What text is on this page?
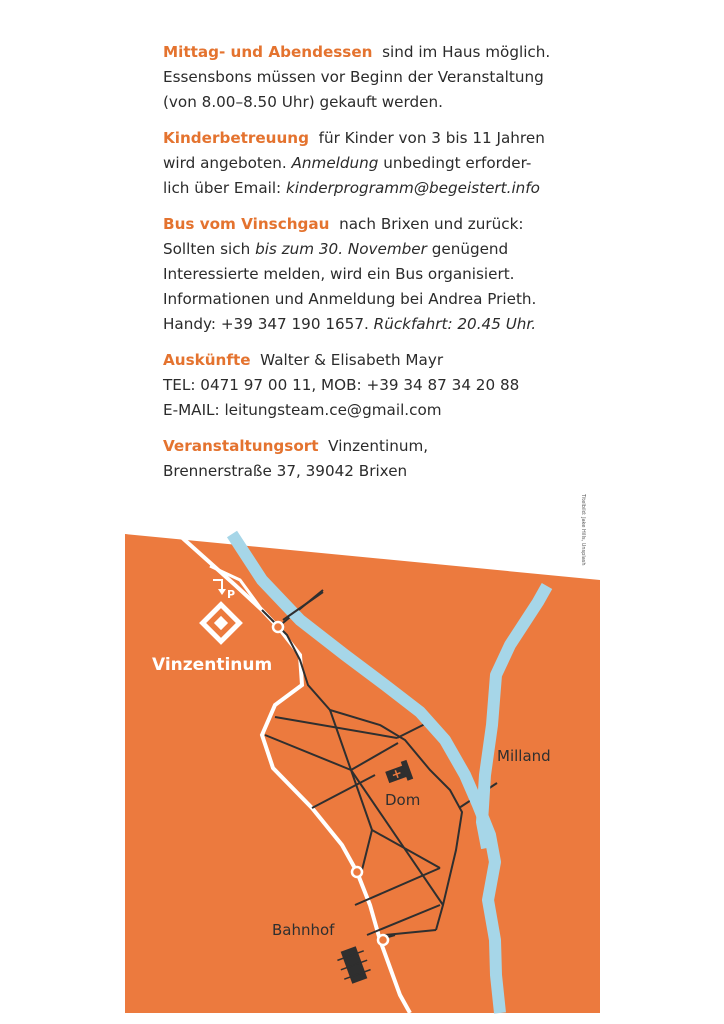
Mittag- und Abendessen sind im Haus möglich.
Essensbons müssen vor Beginn der Veranstaltung
(von 8.00–8.50 Uhr) gekauft werden.
Kinderbetreuung für Kinder von 3 bis 11 Jahren
wird angeboten. Anmeldung unbedingt erforder-
lich über Email: kinderprogramm@begeistert.info
Bus vom Vinschgau nach Brixen und zurück:
Sollten sich bis zum 30. November genügend
Interessierte melden, wird ein Bus organisiert.
Informationen und Anmeldung bei Andrea Prieth.
Handy: +39 347 190 1657. Rückfahrt: 20.45 Uhr.
Auskünfte Walter & Elisabeth Mayr
TEL: 0471 97 00 11, MOB: +39 34 87 34 20 88
E-MAIL: leitungsteam.ce@gmail.com
Veranstaltungsort Vinzentinum,
Brennerstraße 37, 39042 Brixen
Titelbild: Jake Hills, Unsplash
P
Vinzentinum
Dom
Milland
Bahnhof
